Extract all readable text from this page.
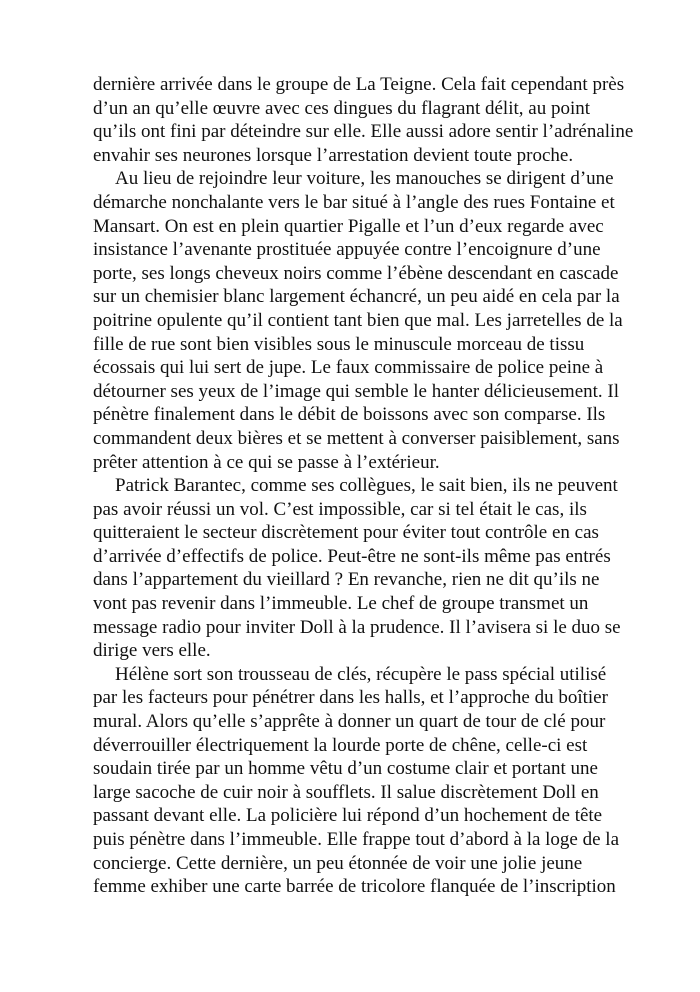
dernière arrivée dans le groupe de La Teigne. Cela fait cependant près
d’un an qu’elle œuvre avec ces dingues du flagrant délit, au point
qu’ils ont fini par déteindre sur elle. Elle aussi adore sentir l’adrénaline
envahir ses neurones lorsque l’arrestation devient toute proche.
Au lieu de rejoindre leur voiture, les manouches se dirigent d’une
démarche nonchalante vers le bar situé à l’angle des rues Fontaine et
Mansart. On est en plein quartier Pigalle et l’un d’eux regarde avec
insistance l’avenante prostituée appuyée contre l’encoignure d’une
porte, ses longs cheveux noirs comme l’ébène descendant en cascade
sur un chemisier blanc largement échancré, un peu aidé en cela par la
poitrine opulente qu’il contient tant bien que mal. Les jarretelles de la
fille de rue sont bien visibles sous le minuscule morceau de tissu
écossais qui lui sert de jupe. Le faux commissaire de police peine à
détourner ses yeux de l’image qui semble le hanter délicieusement. Il
pénètre finalement dans le débit de boissons avec son comparse. Ils
commandent deux bières et se mettent à converser paisiblement, sans
prêter attention à ce qui se passe à l’extérieur.
Patrick Barantec, comme ses collègues, le sait bien, ils ne peuvent
pas avoir réussi un vol. C’est impossible, car si tel était le cas, ils
quitteraient le secteur discrètement pour éviter tout contrôle en cas
d’arrivée d’effectifs de police. Peut-être ne sont-ils même pas entrés
dans l’appartement du vieillard ? En revanche, rien ne dit qu’ils ne
vont pas revenir dans l’immeuble. Le chef de groupe transmet un
message radio pour inviter Doll à la prudence. Il l’avisera si le duo se
dirige vers elle.
Hélène sort son trousseau de clés, récupère le pass spécial utilisé
par les facteurs pour pénétrer dans les halls, et l’approche du boîtier
mural. Alors qu’elle s’apprête à donner un quart de tour de clé pour
déverrouiller électriquement la lourde porte de chêne, celle-ci est
soudain tirée par un homme vêtu d’un costume clair et portant une
large sacoche de cuir noir à soufflets. Il salue discrètement Doll en
passant devant elle. La policière lui répond d’un hochement de tête
puis pénètre dans l’immeuble. Elle frappe tout d’abord à la loge de la
concierge. Cette dernière, un peu étonnée de voir une jolie jeune
femme exhiber une carte barrée de tricolore flanquée de l’inscription
